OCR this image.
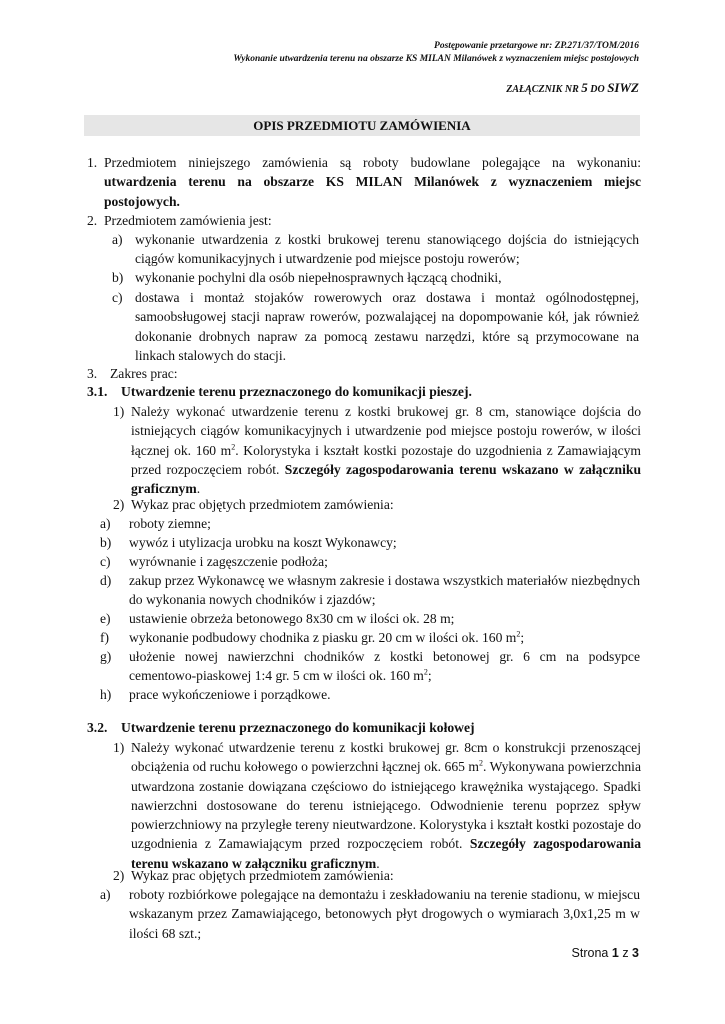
Postępowanie przetargowe nr: ZP.271/37/TOM/2016
Wykonanie utwardzenia terenu na obszarze KS MILAN Milanówek z wyznaczeniem miejsc postojowych
ZAŁĄCZNIK NR 5 DO SIWZ
OPIS PRZEDMIOTU ZAMÓWIENIA
1. Przedmiotem niniejszego zamówienia są roboty budowlane polegające na wykonaniu: utwardzenia terenu na obszarze KS MILAN Milanówek z wyznaczeniem miejsc postojowych.
2. Przedmiotem zamówienia jest:
a) wykonanie utwardzenia z kostki brukowej terenu stanowiącego dojścia do istniejących ciągów komunikacyjnych i utwardzenie pod miejsce postoju rowerów;
b) wykonanie pochylni dla osób niepełnosprawnych łączącą chodniki,
c) dostawa i montaż stojaków rowerowych oraz dostawa i montaż ogólnodostępnej, samoobsługowej stacji napraw rowerów, pozwalającej na dopompowanie kół, jak również dokonanie drobnych napraw za pomocą zestawu narzędzi, które są przymocowane na linkach stalowych do stacji.
3. Zakres prac:
3.1. Utwardzenie terenu przeznaczonego do komunikacji pieszej.
1) Należy wykonać utwardzenie terenu z kostki brukowej gr. 8 cm, stanowiące dojścia do istniejących ciągów komunikacyjnych i utwardzenie pod miejsce postoju rowerów, w ilości łącznej ok. 160 $m^2$. Kolorystyka i kształt kostki pozostaje do uzgodnienia z Zamawiającym przed rozpoczęciem robót. Szczegóły zagospodarowania terenu wskazano w załączniku graficznym.
2) Wykaz prac objętych przedmiotem zamówienia:
a) roboty ziemne;
b) wywóz i utylizacja urobku na koszt Wykonawcy;
c) wyrównanie i zagęszczenie podłoża;
d) zakup przez Wykonawcę we własnym zakresie i dostawa wszystkich materiałów niezbędnych do wykonania nowych chodników i zjazdów;
e) ustawienie obrzeża betonowego 8x30 cm w ilości ok. 28 m;
f) wykonanie podbudowy chodnika z piasku gr. 20 cm w ilości ok. 160 $m^2$;
g) ułożenie nowej nawierzchni chodników z kostki betonowej gr. 6 cm na podsypce cementowo-piaskowej 1:4 gr. 5 cm w ilości ok. 160 $m^2$;
h) prace wykończeniowe i porządkowe.
3.2. Utwardzenie terenu przeznaczonego do komunikacji kołowej
1) Należy wykonać utwardzenie terenu z kostki brukowej gr. 8cm o konstrukcji przenoszącej obciążenia od ruchu kołowego o powierzchni łącznej ok. 665 $m^2$. Wykonywana powierzchnia utwardzona zostanie dowiązana częściowo do istniejącego krawężnika wystającego. Spadki nawierzchni dostosowane do terenu istniejącego. Odwodnienie terenu poprzez spływ powierzchniowy na przyległe tereny nieutwardzone. Kolorystyka i kształt kostki pozostaje do uzgodnienia z Zamawiającym przed rozpoczęciem robót. Szczegóły zagospodarowania terenu wskazano w załączniku graficznym.
2) Wykaz prac objętych przedmiotem zamówienia:
a) roboty rozbiórkowe polegające na demontażu i zeskładowaniu na terenie stadionu, w miejscu wskazanym przez Zamawiającego, betonowych płyt drogowych o wymiarach 3,0x1,25 m w ilości 68 szt.;
Strona 1 z 3
